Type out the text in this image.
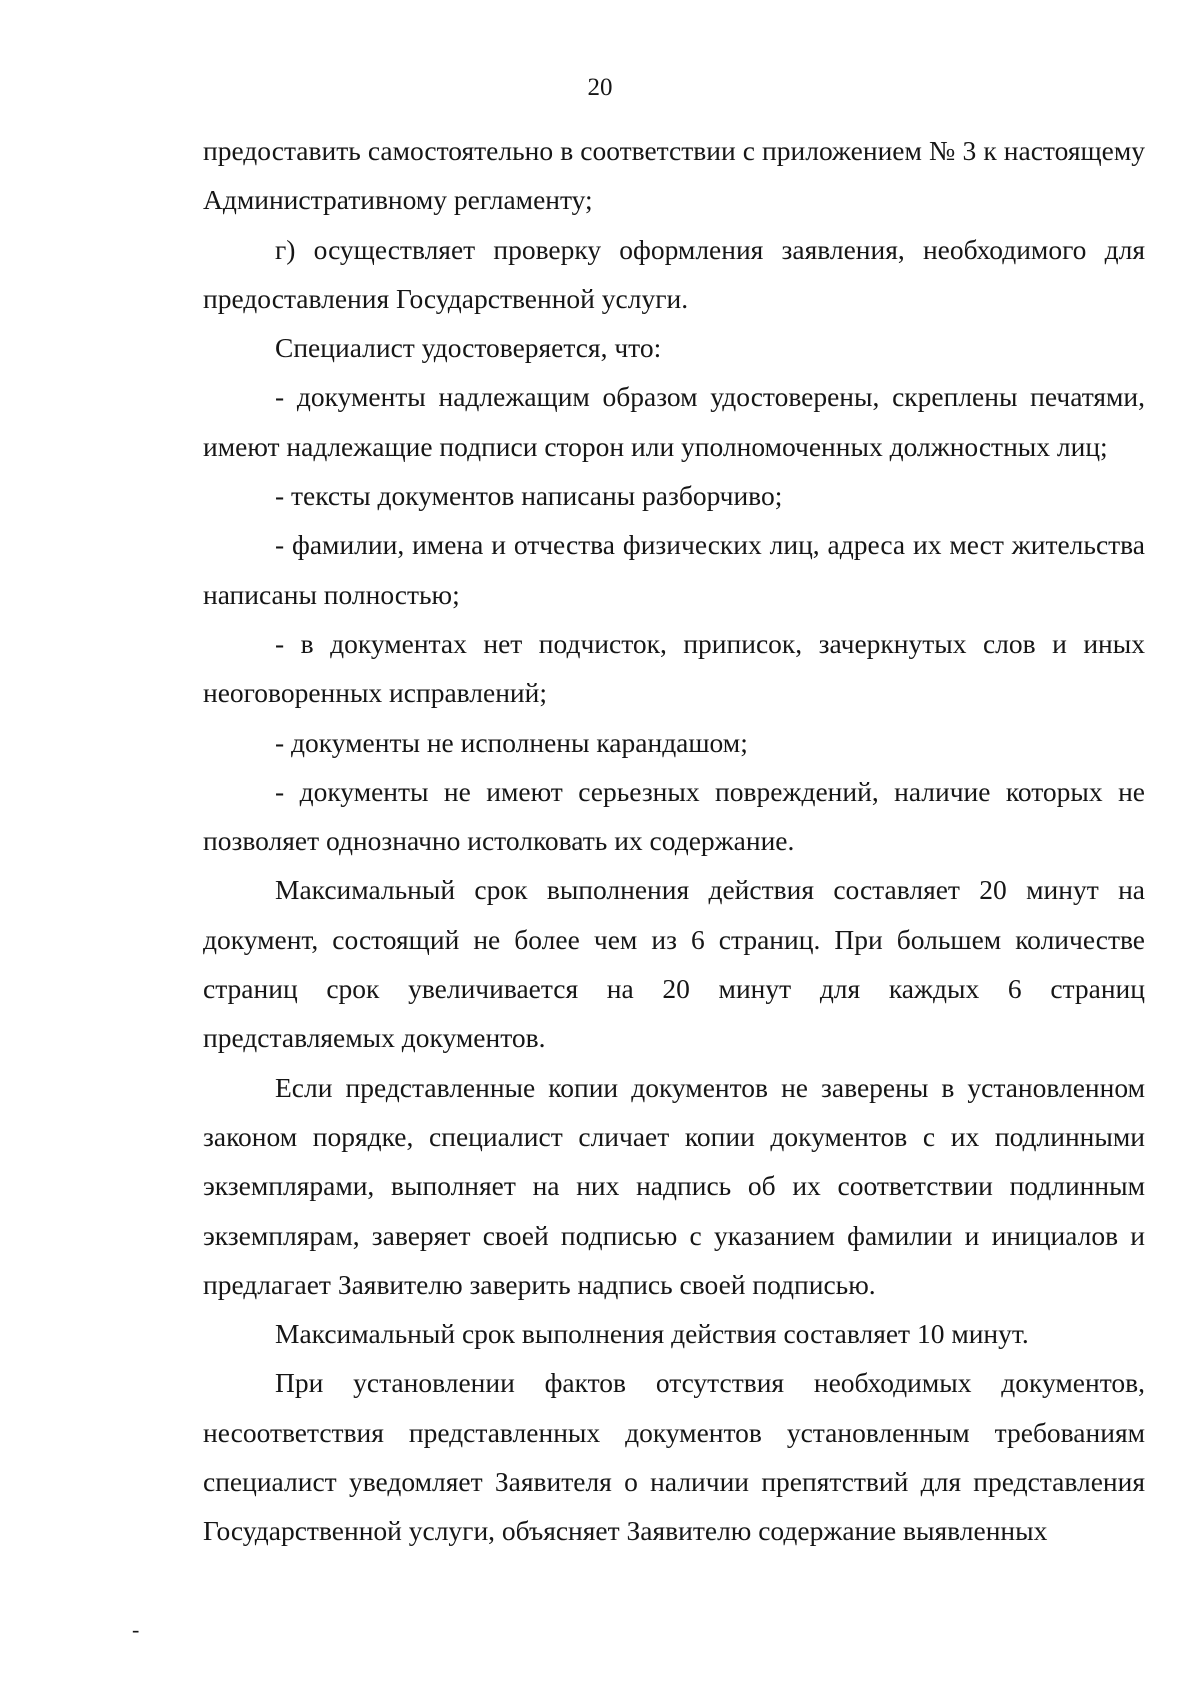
20

предоставить самостоятельно в соответствии с приложением № 3 к настоящему Административному регламенту;

г) осуществляет проверку оформления заявления, необходимого для предоставления Государственной услуги.

Специалист удостоверяется, что:

- документы надлежащим образом удостоверены, скреплены печатями, имеют надлежащие подписи сторон или уполномоченных должностных лиц;

- тексты документов написаны разборчиво;

- фамилии, имена и отчества физических лиц, адреса их мест жительства написаны полностью;

- в документах нет подчисток, приписок, зачеркнутых слов и иных неоговоренных исправлений;

- документы не исполнены карандашом;

- документы не имеют серьезных повреждений, наличие которых не позволяет однозначно истолковать их содержание.

Максимальный срок выполнения действия составляет 20 минут на документ, состоящий не более чем из 6 страниц. При большем количестве страниц срок увеличивается на 20 минут для каждых 6 страниц представляемых документов.

Если представленные копии документов не заверены в установленном законом порядке, специалист сличает копии документов с их подлинными экземплярами, выполняет на них надпись об их соответствии подлинным экземплярам, заверяет своей подписью с указанием фамилии и инициалов и предлагает Заявителю заверить надпись своей подписью.

Максимальный срок выполнения действия составляет 10 минут.

При установлении фактов отсутствия необходимых документов, несоответствия представленных документов установленным требованиям специалист уведомляет Заявителя о наличии препятствий для представления Государственной услуги, объясняет Заявителю содержание выявленных

-
